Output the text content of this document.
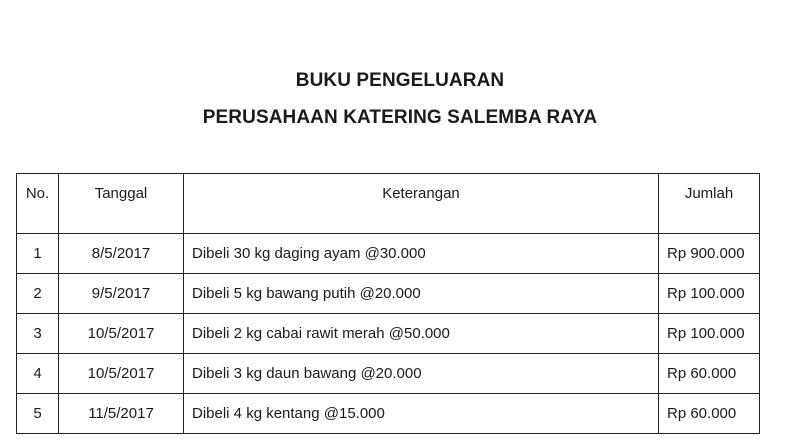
BUKU PENGELUARAN
PERUSAHAAN KATERING SALEMBA RAYA
No.	Tanggal	Keterangan	Jumlah
1	8/5/2017	Dibeli 30 kg daging ayam @30.000	Rp 900.000
2	9/5/2017	Dibeli 5 kg bawang putih @20.000	Rp 100.000
3	10/5/2017	Dibeli 2 kg cabai rawit merah @50.000	Rp 100.000
4	10/5/2017	Dibeli 3 kg daun bawang @20.000	Rp 60.000
5	11/5/2017	Dibeli 4 kg kentang @15.000	Rp 60.000
